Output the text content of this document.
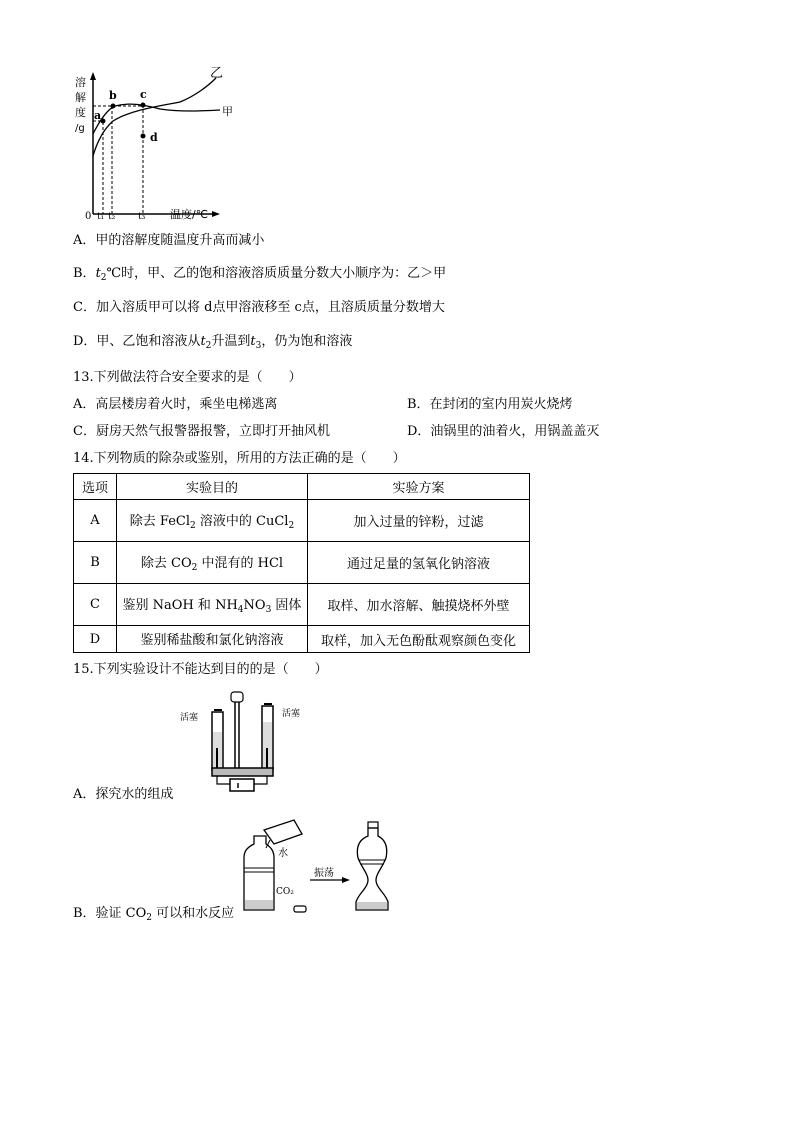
溶
解
度
/g
a
b c
d
乙
甲
0 t₁ t₂	t₃ 温度/℃
A．甲的溶解度随温度升高而减小
B．$t_2℃$时，甲、乙的饱和溶液溶质质量分数大小顺序为：乙＞甲
C．加入溶质甲可以将 d点甲溶液移至 c点，且溶质质量分数增大
D．甲、乙饱和溶液从$t_2$升温到$t_3$，仍为饱和溶液
13.下列做法符合安全要求的是（　　）
A．高层楼房着火时，乘坐电梯逃离	B．在封闭的室内用炭火烧烤
C．厨房天然气报警器报警，立即打开抽风机	D．油锅里的油着火，用锅盖盖灭
14.下列物质的除杂或鉴别，所用的方法正确的是（　　）
选项	实验目的	实验方案
A	除去 FeCl$_2$ 溶液中的 CuCl$_2$	加入过量的锌粉，过滤
B	除去 $CO_2$ 中混有的 HCl	通过足量的氢氧化钠溶液
C	鉴别 NaOH 和 $NH_4NO_3$ 固体	取样、加水溶解、触摸烧杯外壁
D	鉴别稀盐酸和氯化钠溶液	取样，加入无色酚酞观察颜色变化
15.下列实验设计不能达到目的的是（　　）
活塞	活塞
A．探究水的组成
水
CO₂
振荡
B．验证 $CO_2$ 可以和水反应
